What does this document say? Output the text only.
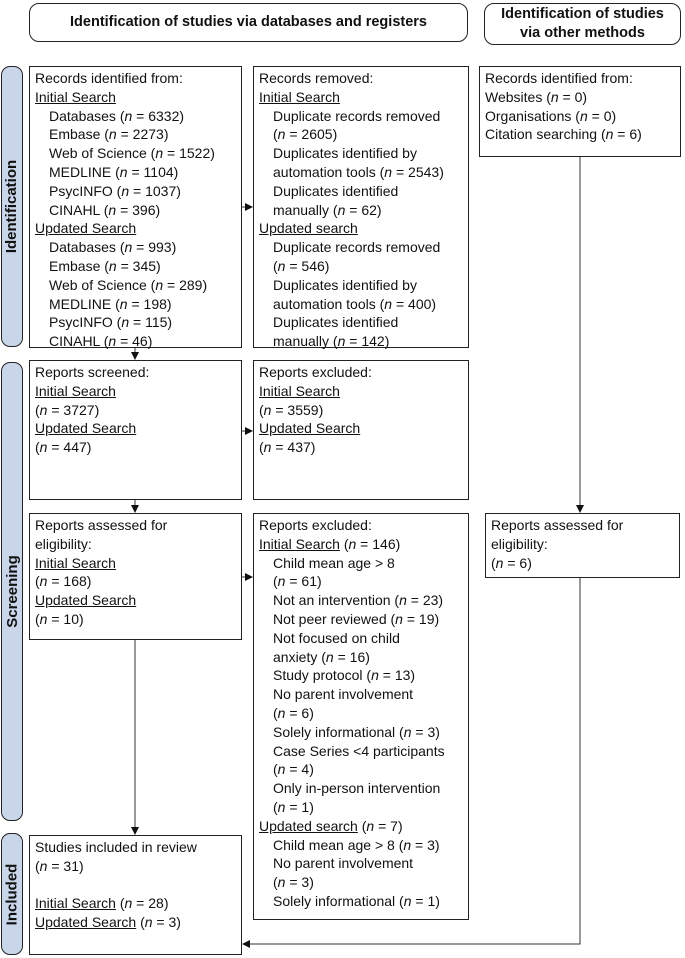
Identification of studies via databases and registers	Identification of studies
via other methods
Identification
Screening
Included
Records identified from:
Initial Search
Databases (n = 6332)
Embase (n = 2273)
Web of Science (n = 1522)
MEDLINE (n = 1104)
PsycINFO (n = 1037)
CINAHL (n = 396)
Updated Search
Databases (n = 993)
Embase (n = 345)
Web of Science (n = 289)
MEDLINE (n = 198)
PsycINFO (n = 115)
CINAHL (n = 46)
Records removed:
Initial Search
Duplicate records removed
(n = 2605)
Duplicates identified by
automation tools (n = 2543)
Duplicates identified
manually (n = 62)
Updated search
Duplicate records removed
(n = 546)
Duplicates identified by
automation tools (n = 400)
Duplicates identified
manually (n = 142)
Records identified from:
Websites (n = 0)
Organisations (n = 0)
Citation searching (n = 6)
Reports screened:
Initial Search
(n = 3727)
Updated Search
(n = 447)
Reports excluded:
Initial Search
(n = 3559)
Updated Search
(n = 437)
Reports assessed for
eligibility:
Initial Search
(n = 168)
Updated Search
(n = 10)
Reports excluded:
Initial Search (n = 146)
Child mean age > 8
(n = 61)
Not an intervention (n = 23)
Not peer reviewed (n = 19)
Not focused on child
anxiety (n = 16)
Study protocol (n = 13)
No parent involvement
(n = 6)
Solely informational (n = 3)
Case Series <4 participants
(n = 4)
Only in-person intervention
(n = 1)
Updated search (n = 7)
Child mean age > 8 (n = 3)
No parent involvement
(n = 3)
Solely informational (n = 1)
Reports assessed for
eligibility:
(n = 6)
Studies included in review
(n = 31)

Initial Search (n = 28)
Updated Search (n = 3)
